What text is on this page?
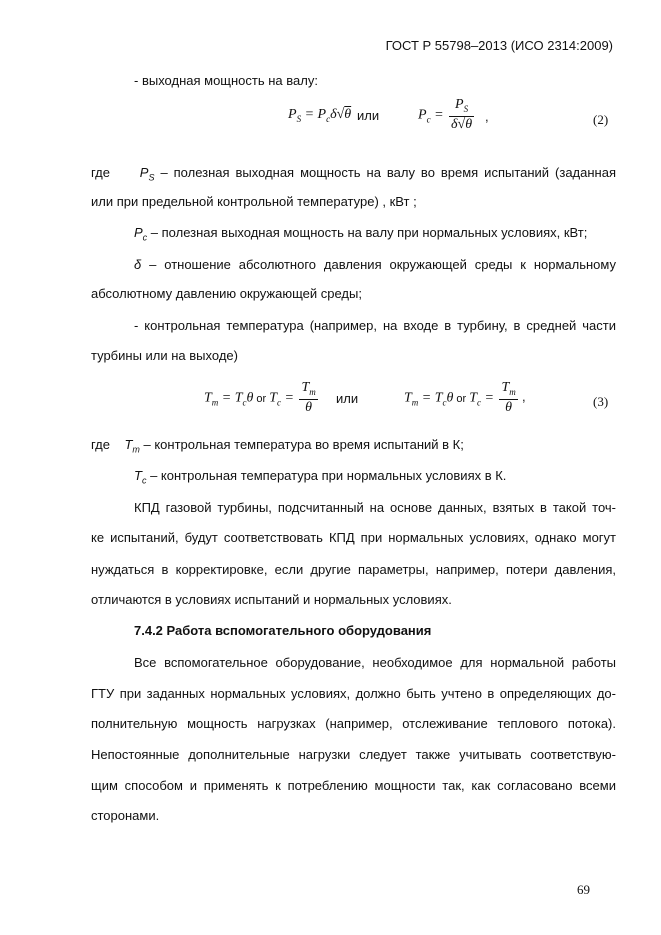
ГОСТ Р 55798–2013 (ИСО 2314:2009)
- выходная мощность на валу:
$P_S = P_c\delta√\theta$ или	$P_c = \frac{P_S}{\delta√\theta}$ ,	(2)
где $P_S$ – полезная выходная мощность на валу во время испытаний (заданная
или при предельной контрольной температуре) , кВт ;
$P_c$ – полезная выходная мощность на валу при нормальных условиях, кВт;
δ – отношение абсолютного давления окружающей среды к нормальному
абсолютному давлению окружающей среды;
- контрольная температура (например, на входе в турбину, в средней части
турбины или на выходе)
$T_m = T_c\theta$ or $T_c = \frac{T_m}{\theta}$ или	$T_m = T_c\theta$ or $T_c = \frac{T_m}{\theta}$ ,	(3)
где $T_m$ – контрольная температура во время испытаний в К;
$T_c$ – контрольная температура при нормальных условиях в К.
КПД газовой турбины, подсчитанный на основе данных, взятых в такой точ-
ке испытаний, будут соответствовать КПД при нормальных условиях, однако могут
нуждаться в корректировке, если другие параметры, например, потери давления,
отличаются в условиях испытаний и нормальных условиях.
7.4.2 Работа вспомогательного оборудования
Все вспомогательное оборудование, необходимое для нормальной работы
ГТУ при заданных нормальных условиях, должно быть учтено в определяющих до-
полнительную мощность нагрузках (например, отслеживание теплового потока).
Непостоянные дополнительные нагрузки следует также учитывать соответствую-
щим способом и применять к потреблению мощности так, как согласовано всеми
сторонами.
69
